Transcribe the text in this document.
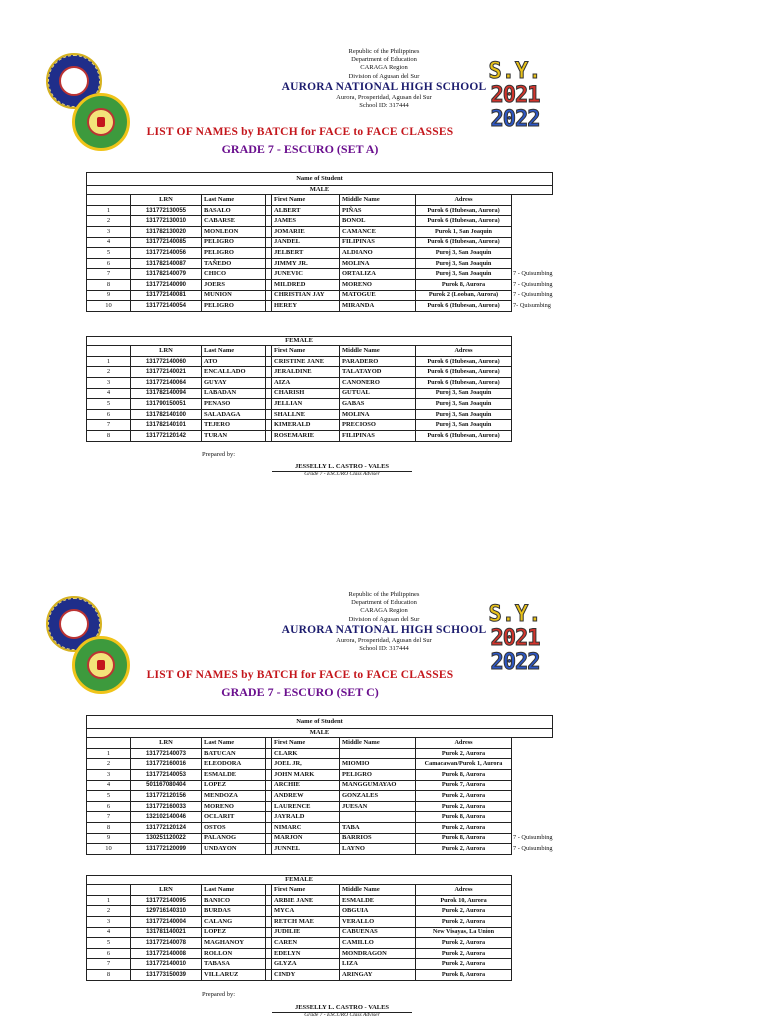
Republic of the Philippines
Department of Education
CARAGA Region
Division of Agusan del Sur
AURORA NATIONAL HIGH SCHOOL
Aurora, Prosperidad, Agusan del Sur
School ID: 317444
S.Y.
2021
2022
LIST OF NAMES by BATCH for FACE to FACE CLASSES
GRADE 7 - ESCURO (SET A)
Name of Student							
MALE							
	LRN	Last Name		First Name	Middle Name	Adress	
1	131772130055	BASALO		ALBERT	PIÑAS	Purok 6 (Hubesan, Aurora)	
2	131772130010	CABARSE		JAMES	BONOL	Purok 6 (Hubesan, Aurora)	
3	131782130020	MONLEON		JOMARIE	CAMANCE	Purok 1, San Joaquin	
4	131772140085	PELIGRO		JANDEL	FILIPINAS	Purok 6 (Hubesan, Aurora)	
5	131772140056	PELIGRO		JELBERT	ALDIANO	Puroj 3, San Joaquin	
6	131782140087	TAÑEDO		JIMMY JR.	MOLINA	Puroj 3, San Joaquin	
7	131782140079	CHICO		JUNEVIC	ORTALIZA	Puroj 3, San Joaquin	7 - Quisumbing
8	131772140090	JOERS		MILDRED	MORENO	Purok 8, Aurora	7 - Quisumbing
9	131772140081	MUNION		CHRISTIAN JAY	MATOGUE	Purok 2 (Looban, Aurora)	7 - Quisumbing
10	131772140054	PELIGRO		HEREY	MIRANDA	Purok 6 (Hubesan, Aurora)	7- Quisumbing
FEMALE						
	LRN	Last Name		First Name	Middle Name	Adress
1	131772140060	ATO		CRISTINE JANE	PARADERO	Purok 6 (Hubesan, Aurora)
2	131772140021	ENCALLADO		JERALDINE	TALATAYOD	Purok 6 (Hubesan, Aurora)
3	131772140064	GUYAY		AIZA	CANONERO	Purok 6 (Hubesan, Aurora)
4	131782140094	LABADAN		CHARISH	GUTUAL	Puroj 3, San Joaquin
5	131790150051	PENASO		JELLIAN	GABAS	Puroj 3, San Joaquin
6	131782140100	SALADAGA		SHALLNE	MOLINA	Puroj 3, San Joaquin
7	131782140101	TEJERO		KIMERALD	PRECIOSO	Puroj 3, San Joaquin
8	131772120142	TURAN		ROSEMARIE	FILIPINAS	Purok 6 (Hubesan, Aurora)
Prepared by:
JESSELLY L. CASTRO - VALES
Grade 7 - ESCURO Class Adviser
Republic of the Philippines
Department of Education
CARAGA Region
Division of Agusan del Sur
AURORA NATIONAL HIGH SCHOOL
Aurora, Prosperidad, Agusan del Sur
School ID: 317444
S.Y.
2021
2022
LIST OF NAMES by BATCH for FACE to FACE CLASSES
GRADE 7 - ESCURO (SET C)
Name of Student							
MALE							
	LRN	Last Name		First Name	Middle Name	Adress	
1	131772140073	BATUCAN		CLARK		Purok 2, Aurora	
2	131772160016	ELEODORA		JOEL JR,	MIOMIO	Camacawan/Purok 1, Aurora	
3	131772140053	ESMALDE		JOHN MARK	PELIGRO	Purok 8, Aurora	
4	501167080404	LOPEZ		ARCHIE	MANGGUMAYAO	Purok 7, Aurora	
5	131772120156	MENDOZA		ANDREW	GONZALES	Purok 2, Aurora	
6	131772160033	MORENO		LAURENCE	JUESAN	Purok 2, Aurora	
7	132102140046	OCLARIT		JAYRALD		Purok 8, Aurora	
8	131772120124	OSTOS		NIMARC	TABA	Purok 2, Aurora	
9	130251120022	PALANOG		MARJON	BARRIOS	Purok 8, Aurora	7 - Quisumbing
10	131772120099	UNDAYON		JUNNEL	LAYNO	Purok 2, Aurora	7 - Quisumbing
FEMALE						
	LRN	Last Name		First Name	Middle Name	Adress
1	131772140095	BANICO		ARBIE JANE	ESMALDE	Purok 10, Aurora
2	129716140310	BURDAS		MYCA	OBGUIA	Purok 2, Aurora
3	131772140004	CALANG		RETCH MAE	VERALLO	Purok 2, Aurora
4	131781140021	LOPEZ		JUDILIE	CABUENAS	New Visayas, La Union
5	131772140078	MAGHANOY		CAREN	CAMILLO	Purok 2, Aurora
6	131772140008	ROLLON		EDELYN	MONDRAGON	Purok 2, Aurora
7	131772140010	TABASA		GLYZA	LIZA	Purok 2, Aurora
8	131773150039	VILLARUZ		CINDY	ARINGAY	Purok 8, Aurora
Prepared by:
JESSELLY L. CASTRO - VALES
Grade 7 - ESCURO Class Adviser
